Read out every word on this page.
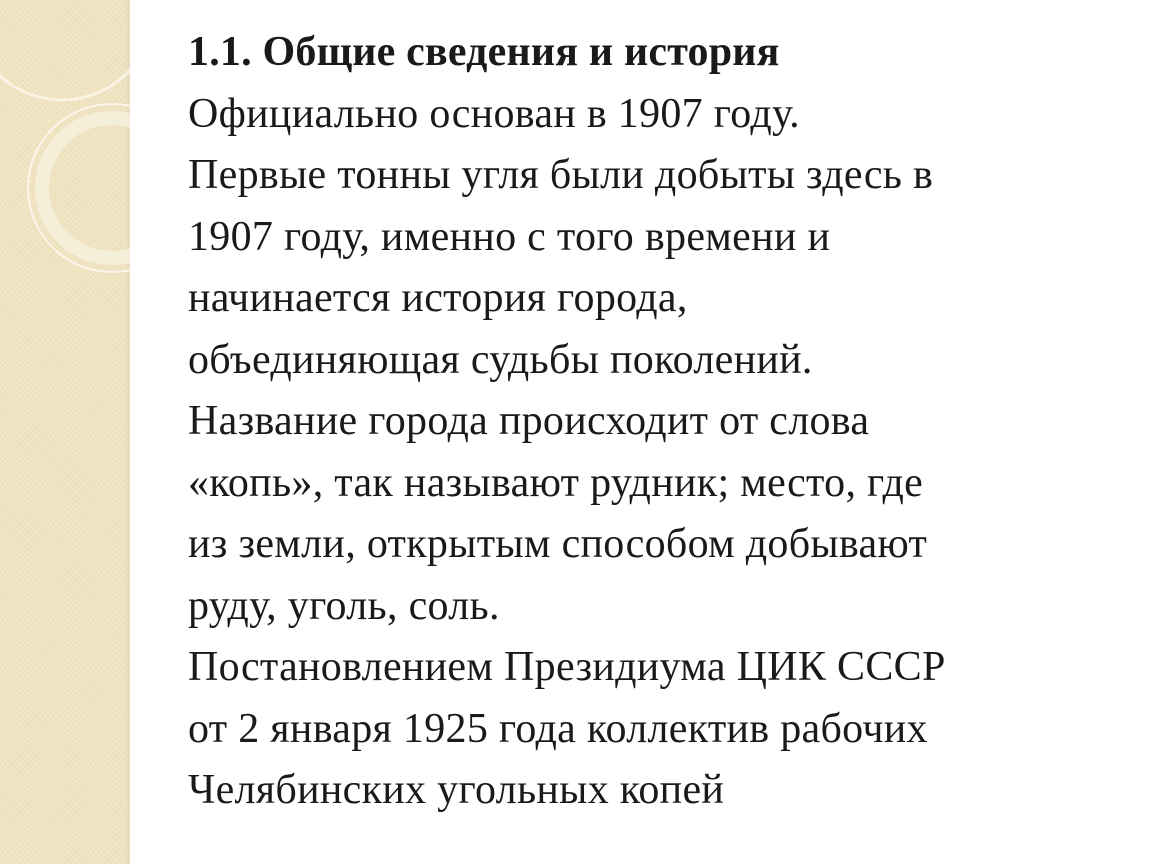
1.1. Общие сведения и история

Официально основан в 1907 году.

Первые тонны угля были добыты здесь в

1907 году, именно с того времени и

начинается история города,

объединяющая судьбы поколений.

Название города происходит от слова

«копь», так называют рудник; место, где

из земли, открытым способом добывают

руду, уголь, соль.

Постановлением Президиума ЦИК СССР

от 2 января 1925 года коллектив рабочих

Челябинских угольных копей
